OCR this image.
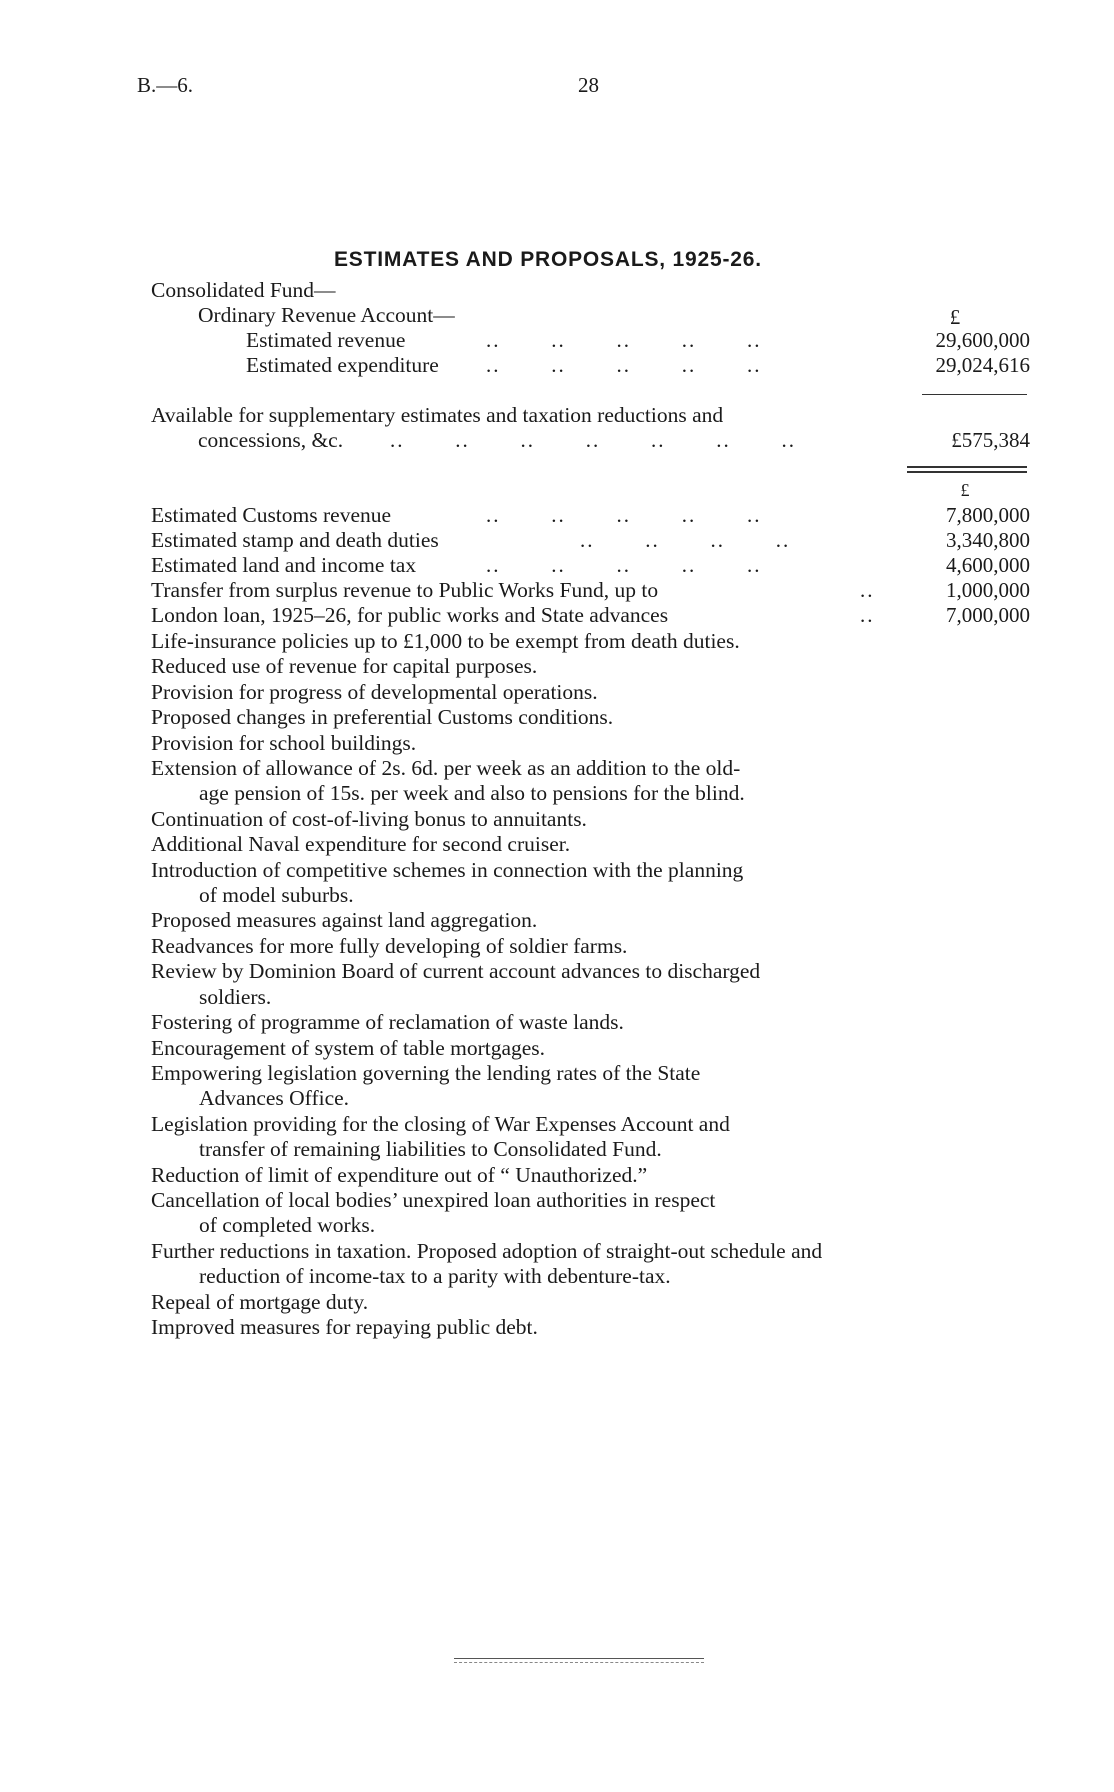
B.—6.	28
ESTIMATES AND PROPOSALS, 1925-26.
Consolidated Fund—
Ordinary Revenue Account—	£
Estimated revenue	..       ..       ..       ..       ..	29,600,000
Estimated expenditure ..       ..       ..       ..       ..	29,024,616
Available for supplementary estimates and taxation reductions and
concessions, &c. ..       ..       ..       ..       ..       ..       ..	£575,384
£
Estimated Customs revenue	..       ..       ..       ..       ..	7,800,000
Estimated stamp and death duties	..       ..       ..       ..	3,340,800
Estimated land and income tax	..       ..       ..       ..       ..	4,600,000
Transfer from surplus revenue to Public Works Fund, up to	..	1,000,000
London loan, 1925–26, for public works and State advances	..	7,000,000
Life-insurance policies up to £1,000 to be exempt from death duties.
Reduced use of revenue for capital purposes.
Provision for progress of developmental operations.
Proposed changes in preferential Customs conditions.
Provision for school buildings.
Extension of allowance of 2s. 6d. per week as an addition to the old-
age pension of 15s. per week and also to pensions for the blind.
Continuation of cost-of-living bonus to annuitants.
Additional Naval expenditure for second cruiser.
Introduction of competitive schemes in connection with the planning
of model suburbs.
Proposed measures against land aggregation.
Readvances for more fully developing of soldier farms.
Review by Dominion Board of current account advances to discharged
soldiers.
Fostering of programme of reclamation of waste lands.
Encouragement of system of table mortgages.
Empowering legislation governing the lending rates of the State
Advances Office.
Legislation providing for the closing of War Expenses Account and
transfer of remaining liabilities to Consolidated Fund.
Reduction of limit of expenditure out of “ Unauthorized.”
Cancellation of local bodies’ unexpired loan authorities in respect
of completed works.
Further reductions in taxation. Proposed adoption of straight-out schedule and
reduction of income-tax to a parity with debenture-tax.
Repeal of mortgage duty.
Improved measures for repaying public debt.
